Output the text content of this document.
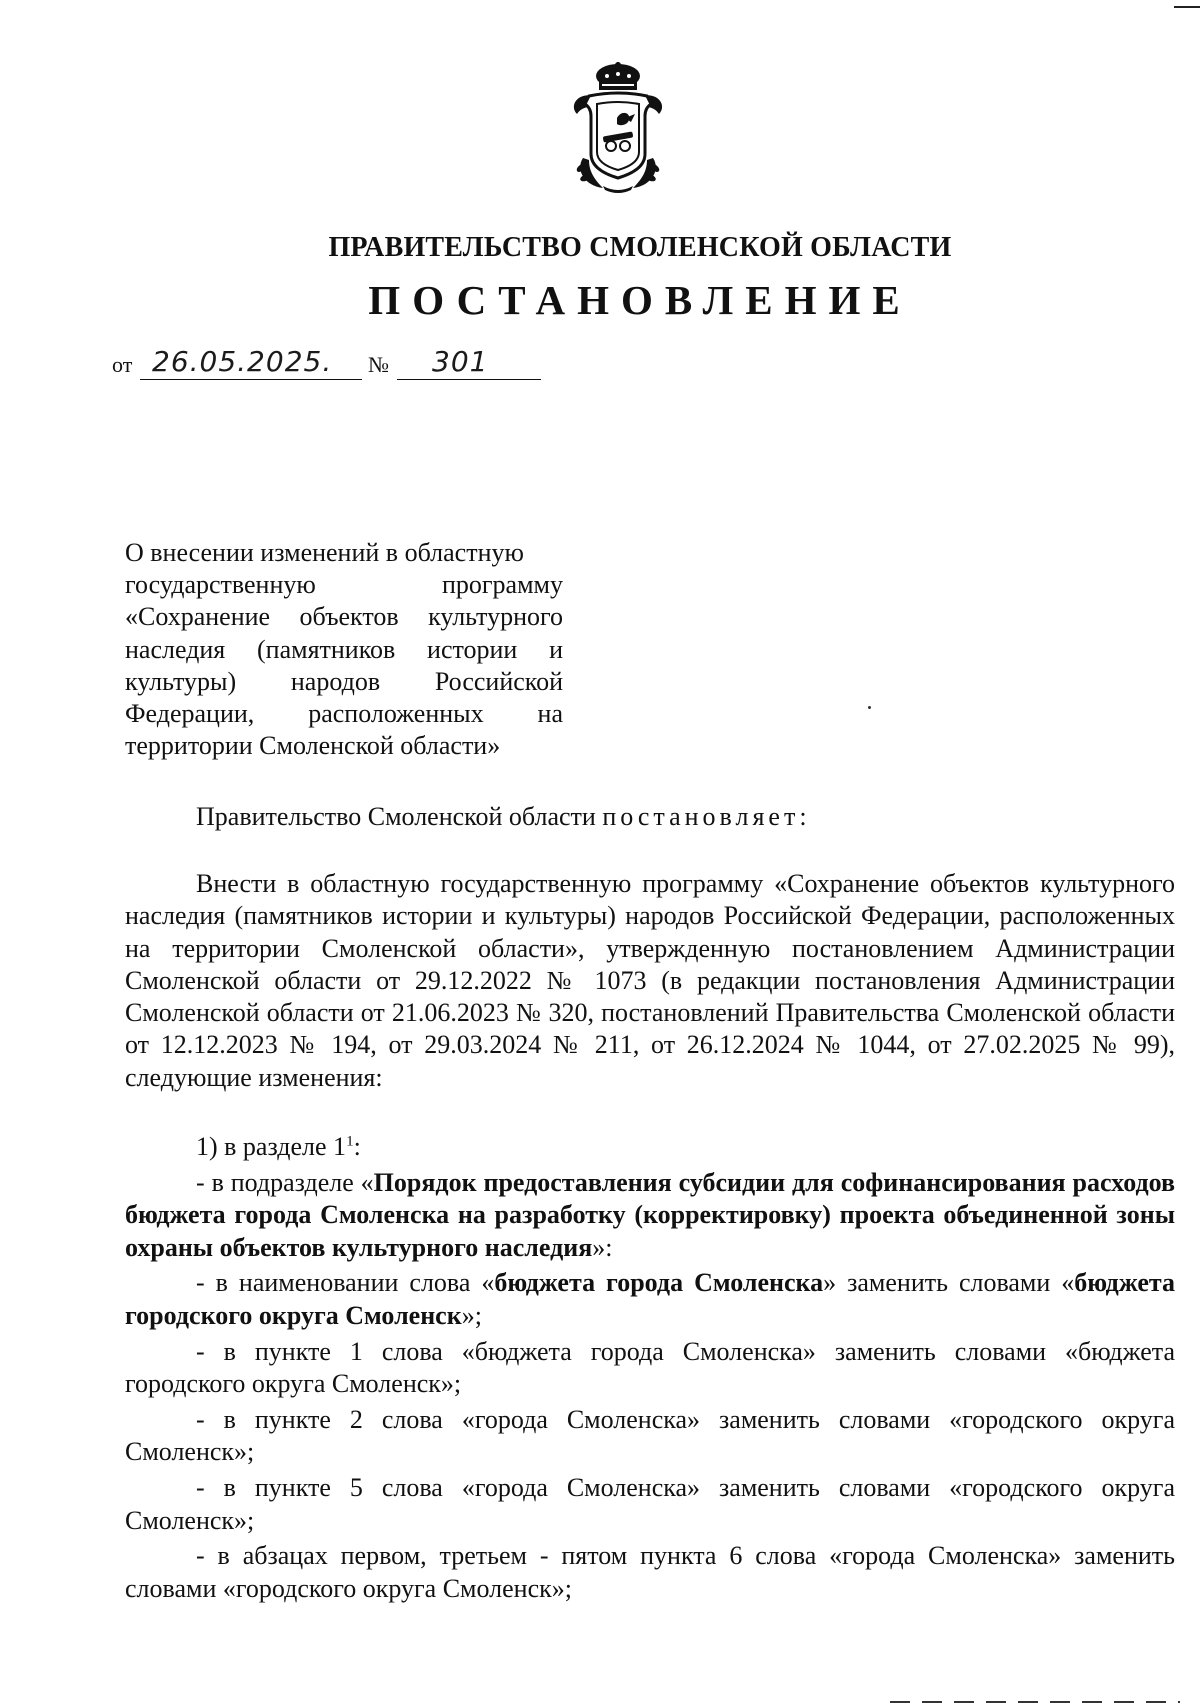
ПРАВИТЕЛЬСТВО СМОЛЕНСКОЙ ОБЛАСТИ
ПОСТАНОВЛЕНИЕ
от 26.05.2025. № 301
О внесении изменений в областную
государственную программу
«Сохранение объектов культурного
наследия (памятников истории и
культуры) народов Российской
Федерации, расположенных на
территории Смоленской области»
Правительство Смоленской области постановляет:

Внести в областную государственную программу «Сохранение объектов культурного наследия (памятников истории и культуры) народов Российской Федерации, расположенных на территории Смоленской области», утвержденную постановлением Администрации Смоленской области от 29.12.2022 № 1073 (в редакции постановления Администрации Смоленской области от 21.06.2023 № 320, постановлений Правительства Смоленской области от 12.12.2023 № 194, от 29.03.2024 № 211, от 26.12.2024 № 1044, от 27.02.2025 № 99), следующие изменения:

1) в разделе $1^1$:

- в подразделе «Порядок предоставления субсидии для софинансирования расходов бюджета города Смоленска на разработку (корректировку) проекта объединенной зоны охраны объектов культурного наследия»:

- в наименовании слова «бюджета города Смоленска» заменить словами «бюджета городского округа Смоленск»;

- в пункте 1 слова «бюджета города Смоленска» заменить словами «бюджета городского округа Смоленск»;

- в пункте 2 слова «города Смоленска» заменить словами «городского округа Смоленск»;

- в пункте 5 слова «города Смоленска» заменить словами «городского округа Смоленск»;

- в абзацах первом, третьем - пятом пункта 6 слова «города Смоленска» заменить словами «городского округа Смоленск»;
